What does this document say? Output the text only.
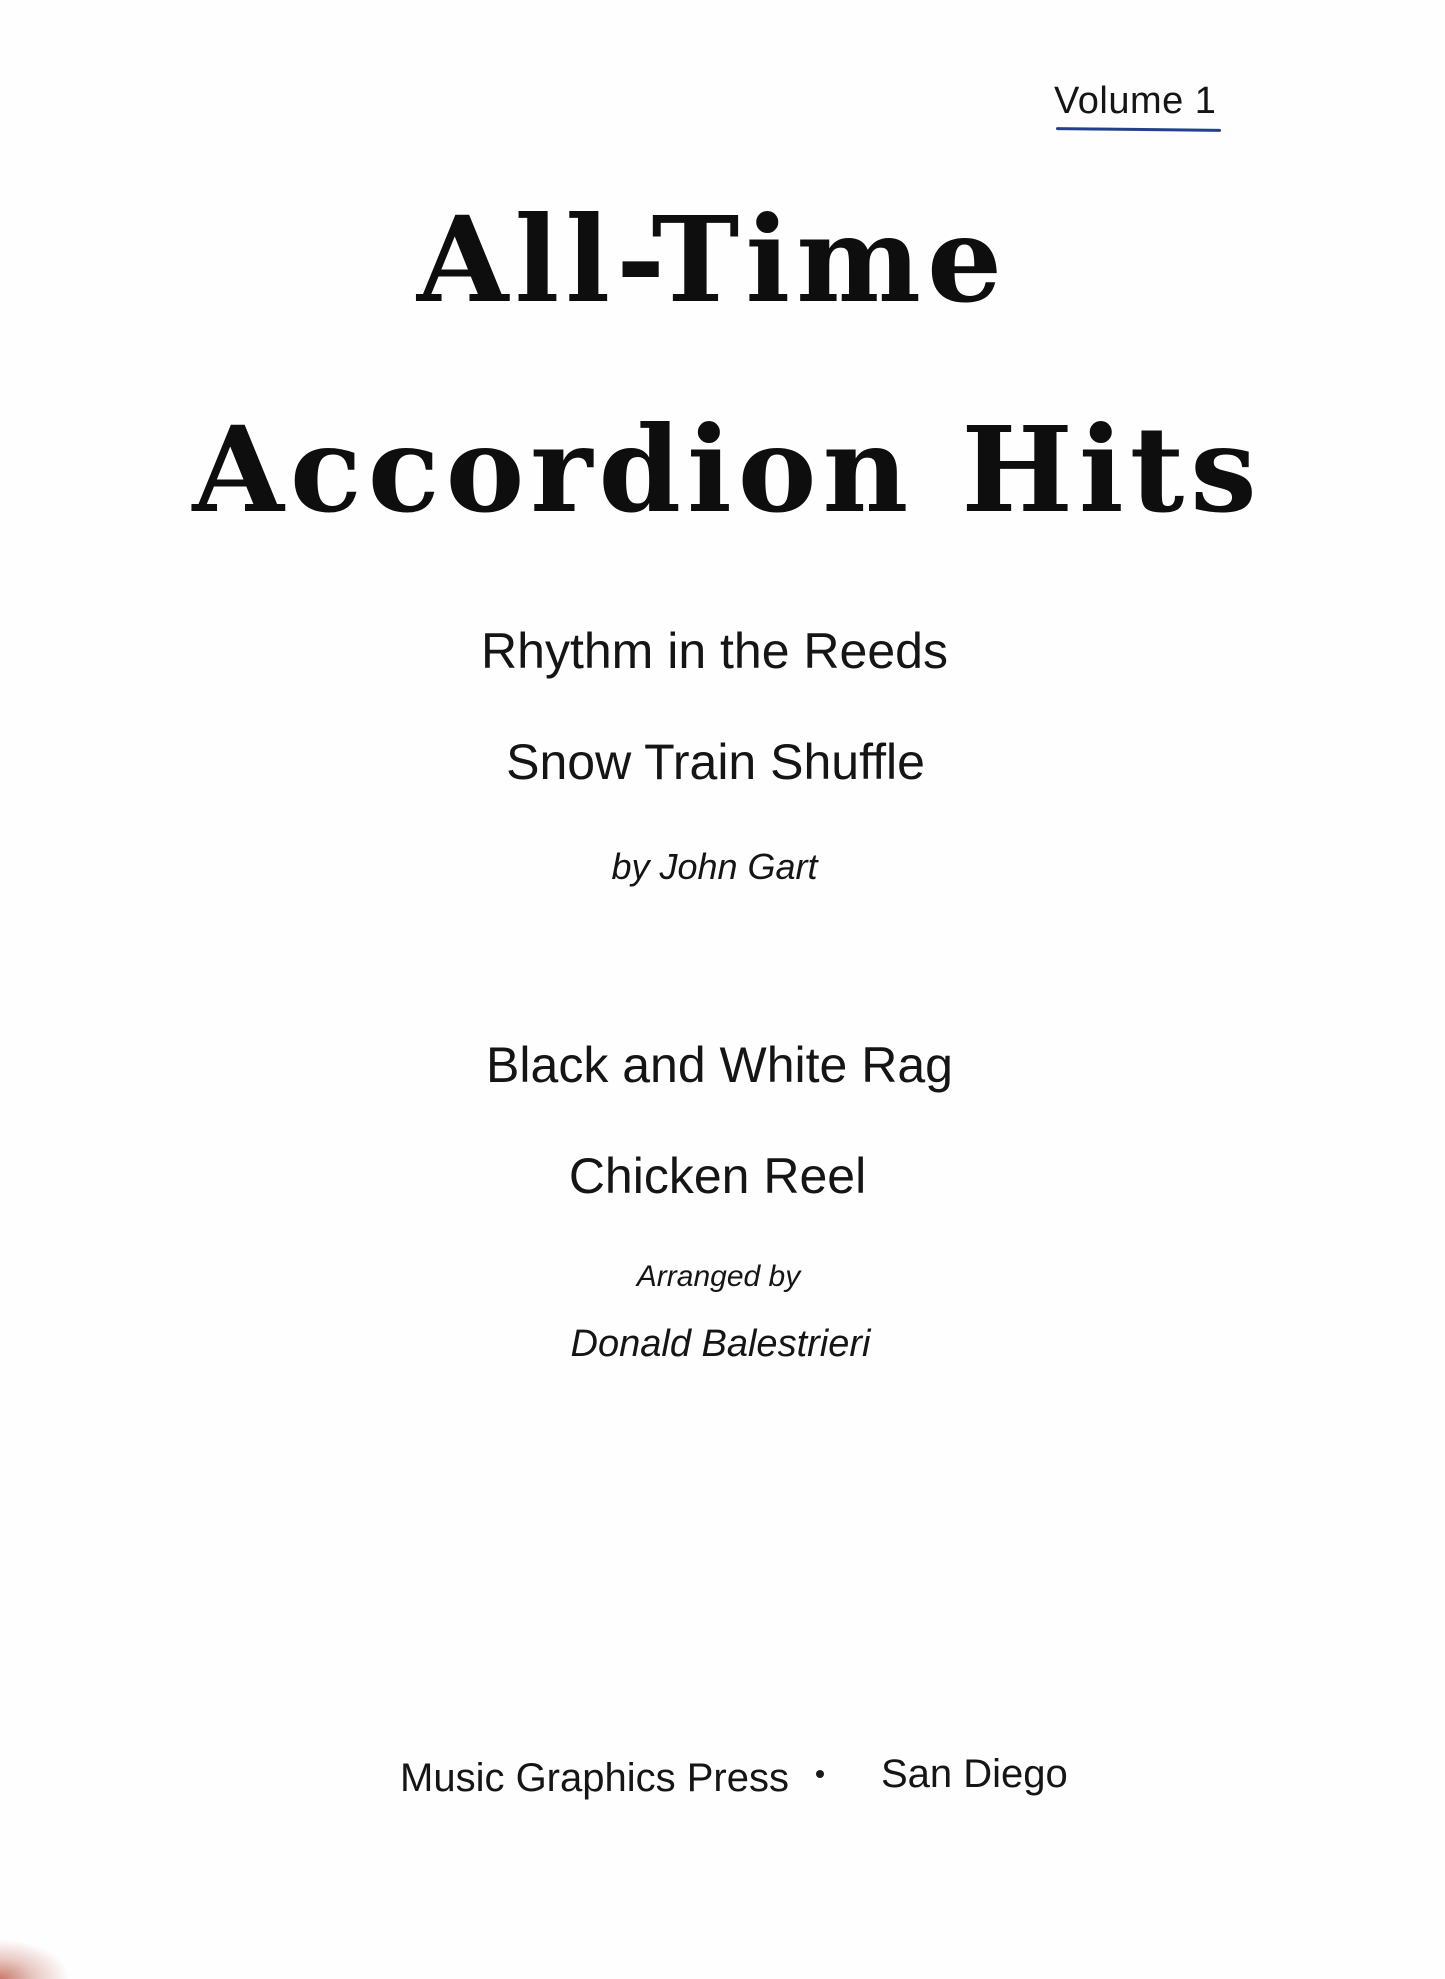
Volume 1
All-Time
Accordion Hits
Rhythm in the Reeds
Snow Train Shuffle
by John Gart
Black and White Rag
Chicken Reel
Arranged by
Donald Balestrieri
Music Graphics Press San Diego
